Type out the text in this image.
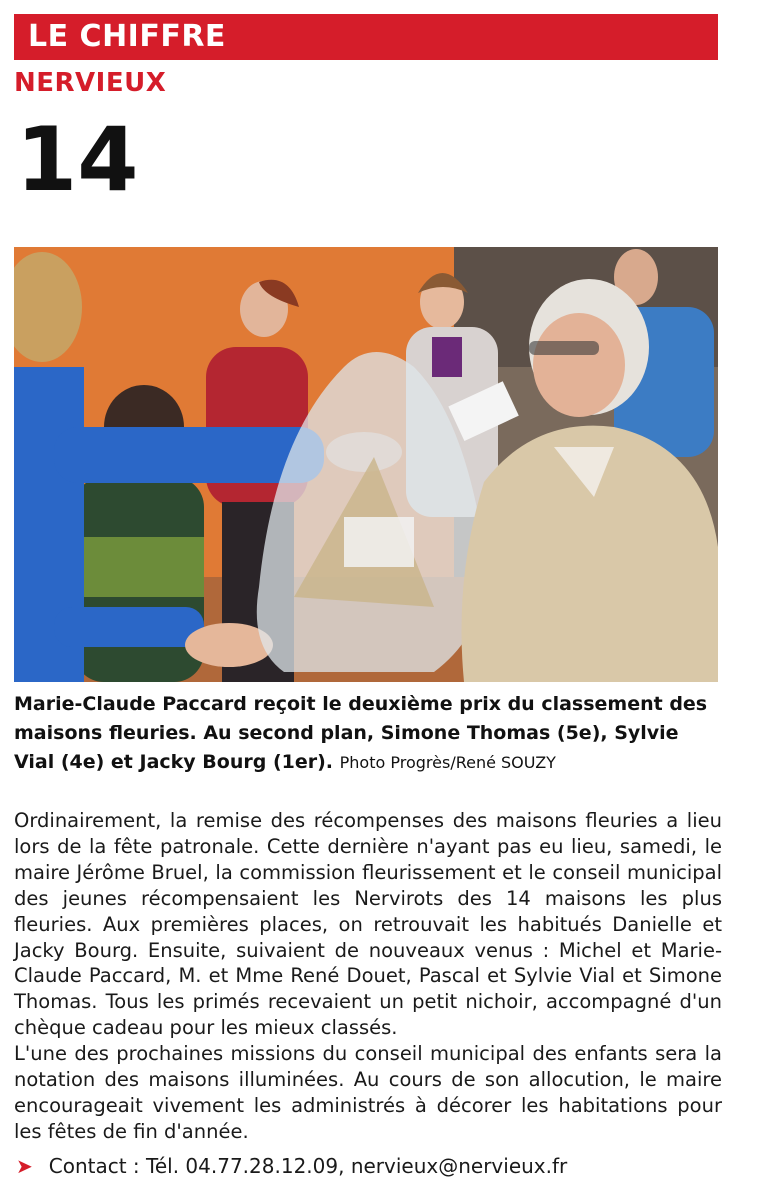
LE CHIFFRE
NERVIEUX
14
Marie-Claude Paccard reçoit le deuxième prix du classement des maisons fleuries. Au second plan, Simone Thomas (5e), Sylvie Vial (4e) et Jacky Bourg (1er). Photo Progrès/René SOUZY

Ordinairement, la remise des récompenses des maisons fleuries a lieu lors de la fête patronale. Cette dernière n'ayant pas eu lieu, samedi, le maire Jérôme Bruel, la commission fleurissement et le conseil municipal des jeunes récompensaient les Nervirots des 14 maisons les plus fleuries. Aux premières places, on retrouvait les habitués Danielle et Jacky Bourg. Ensuite, suivaient de nouveaux venus : Michel et Marie-Claude Paccard, M. et Mme René Douet, Pascal et Sylvie Vial et Simone Thomas. Tous les primés recevaient un petit nichoir, accompagné d'un chèque cadeau pour les mieux classés.

L'une des prochaines missions du conseil municipal des enfants sera la notation des maisons illuminées. Au cours de son allocution, le maire encourageait vivement les administrés à décorer les habitations pour les fêtes de fin d'année.

➤ Contact : Tél. 04.77.28.12.09, nervieux@nervieux.fr
